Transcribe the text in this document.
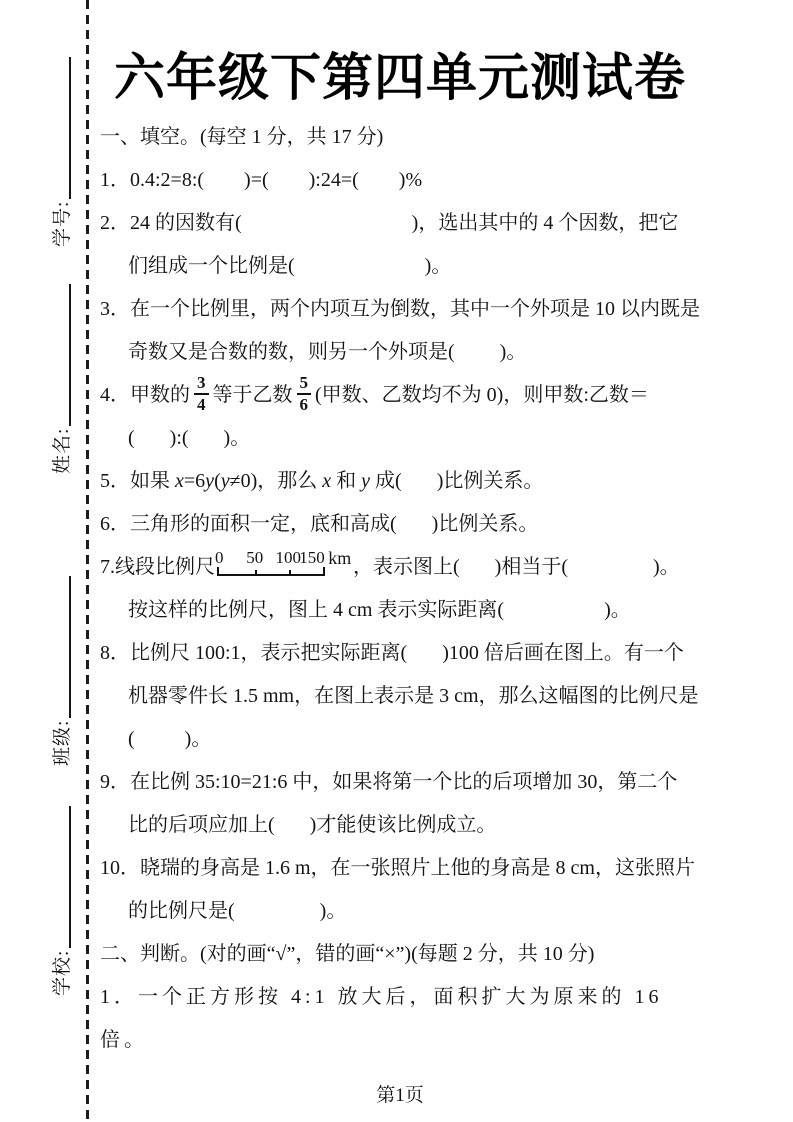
学号:
姓名:
班级:
学校:
六年级下第四单元测试卷
一、填空。(每空 1 分，共 17 分)
1．0.4:2=8:(        )=(        ):24=(        )%
2．24 的因数有(                                  )，选出其中的 4 个因数，把它
们组成一个比例是(                          )。
3．在一个比例里，两个内项互为倒数，其中一个外项是 10 以内既是
奇数又是合数的数，则另一个外项是(         )。
4．甲数的 $\frac{3}{4}$ 等于乙数 $\frac{5}{6}$ (甲数、乙数均不为 0)，则甲数:乙数＝
(       ):(       )。
5．如果 x=6y(y≠0)，那么 x 和 y 成(       )比例关系。
6．三角形的面积一定，底和高成(       )比例关系。
7.线段比例尺 0 50 100
150 km ，表示图上(       )相当于(                 )。
按这样的比例尺，图上 4 cm 表示实际距离(                    )。
8．比例尺 100:1，表示把实际距离(       )100 倍后画在图上。有一个
机器零件长 1.5 mm，在图上表示是 3 cm，那么这幅图的比例尺是
(          )。
9．在比例 35:10=21:6 中，如果将第一个比的后项增加 30，第二个
比的后项应加上(       )才能使该比例成立。
10．晓瑞的身高是 1.6 m，在一张照片上他的身高是 8 cm，这张照片
的比例尺是(                 )。
二、判断。(对的画“√”，错的画“×”)(每题 2 分，共 10 分)
1．一个正方形按 4:1 放大后，面积扩大为原来的 16 倍。
第1页
